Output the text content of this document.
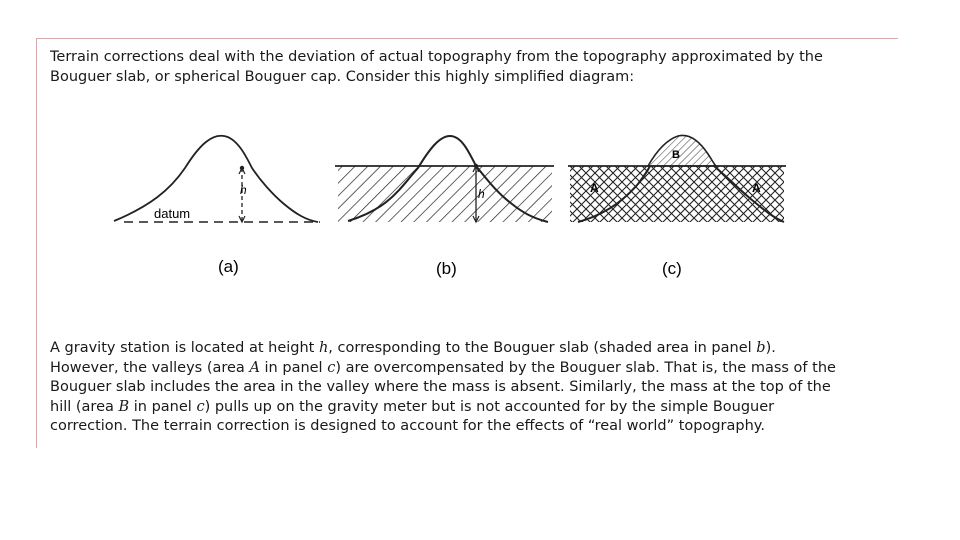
Terrain corrections deal with the deviation of actual topography from the topography approximated by the
Bouguer slab, or spherical Bouguer cap. Consider this highly simplified diagram:

h
datum
(a)
h
(b)
A
B
A
(c)

A gravity station is located at height h, corresponding to the Bouguer slab (shaded area in panel b).
However, the valleys (area A in panel c) are overcompensated by the Bouguer slab. That is, the mass of the
Bouguer slab includes the area in the valley where the mass is absent. Similarly, the mass at the top of the
hill (area B in panel c) pulls up on the gravity meter but is not accounted for by the simple Bouguer
correction. The terrain correction is designed to account for the effects of “real world” topography.
